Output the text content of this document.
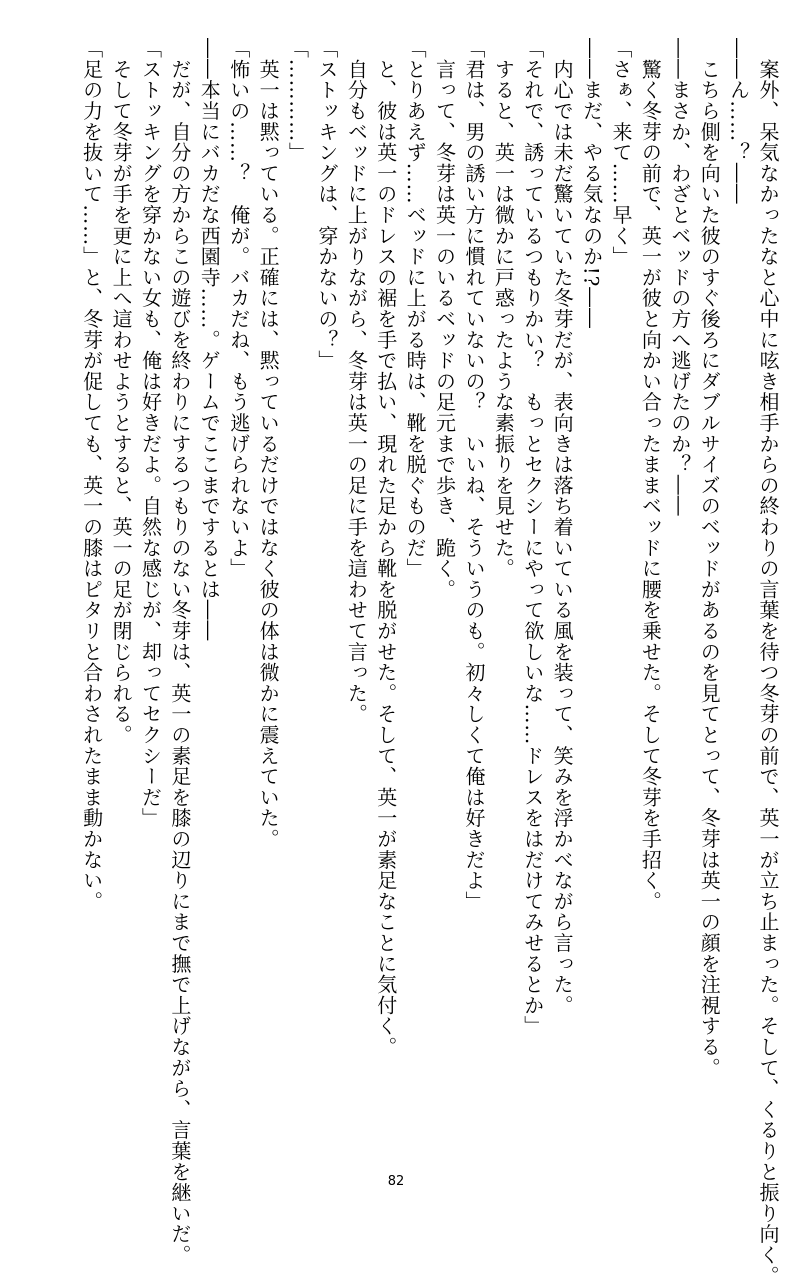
　案外、呆気なかったなと心中に呟き相手からの終わりの言葉を待つ冬芽の前で、英一が立ち止まった。そして、くるりと振り向く。
――ん……？――
　こちら側を向いた彼のすぐ後ろにダブルサイズのベッドがあるのを見てとって、冬芽は英一の顔を注視する。
――まさか、わざとベッドの方へ逃げたのか？――
　驚く冬芽の前で、英一が彼と向かい合ったままベッドに腰を乗せた。そして冬芽を手招く。
「さぁ、来て……早く」
――まだ、やる気なのか!?――
　内心では未だ驚いていた冬芽だが、表向きは落ち着いている風を装って、笑みを浮かべながら言った。
「それで、誘っているつもりかい？　もっとセクシーにやって欲しいな……ドレスをはだけてみせるとか」
　すると、英一は微かに戸惑ったような素振りを見せた。
「君は、男の誘い方に慣れていないの？　いいね、そういうのも。初々しくて俺は好きだよ」
　言って、冬芽は英一のいるベッドの足元まで歩き、跪く。
「とりあえず……ベッドに上がる時は、靴を脱ぐものだ」
　と、彼は英一のドレスの裾を手で払い、現れた足から靴を脱がせた。そして、英一が素足なことに気付く。
　自分もベッドに上がりながら、冬芽は英一の足に手を這わせて言った。
「ストッキングは、穿かないの？」
「…………」
　英一は黙っている。正確には、黙っているだけではなく彼の体は微かに震えていた。
「怖いの……？　俺が。バカだね、もう逃げられないよ」
――本当にバカだな西園寺……。ゲームでここまでするとは――
　だが、自分の方からこの遊びを終わりにするつもりのない冬芽は、英一の素足を膝の辺りにまで撫で上げながら、言葉を継いだ。
「ストッキングを穿かない女も、俺は好きだよ。自然な感じが、却ってセクシーだ」
　そして冬芽が手を更に上へ這わせようとすると、英一の足が閉じられる。
「足の力を抜いて……」と、冬芽が促しても、英一の膝はピタリと合わされたまま動かない。
82
